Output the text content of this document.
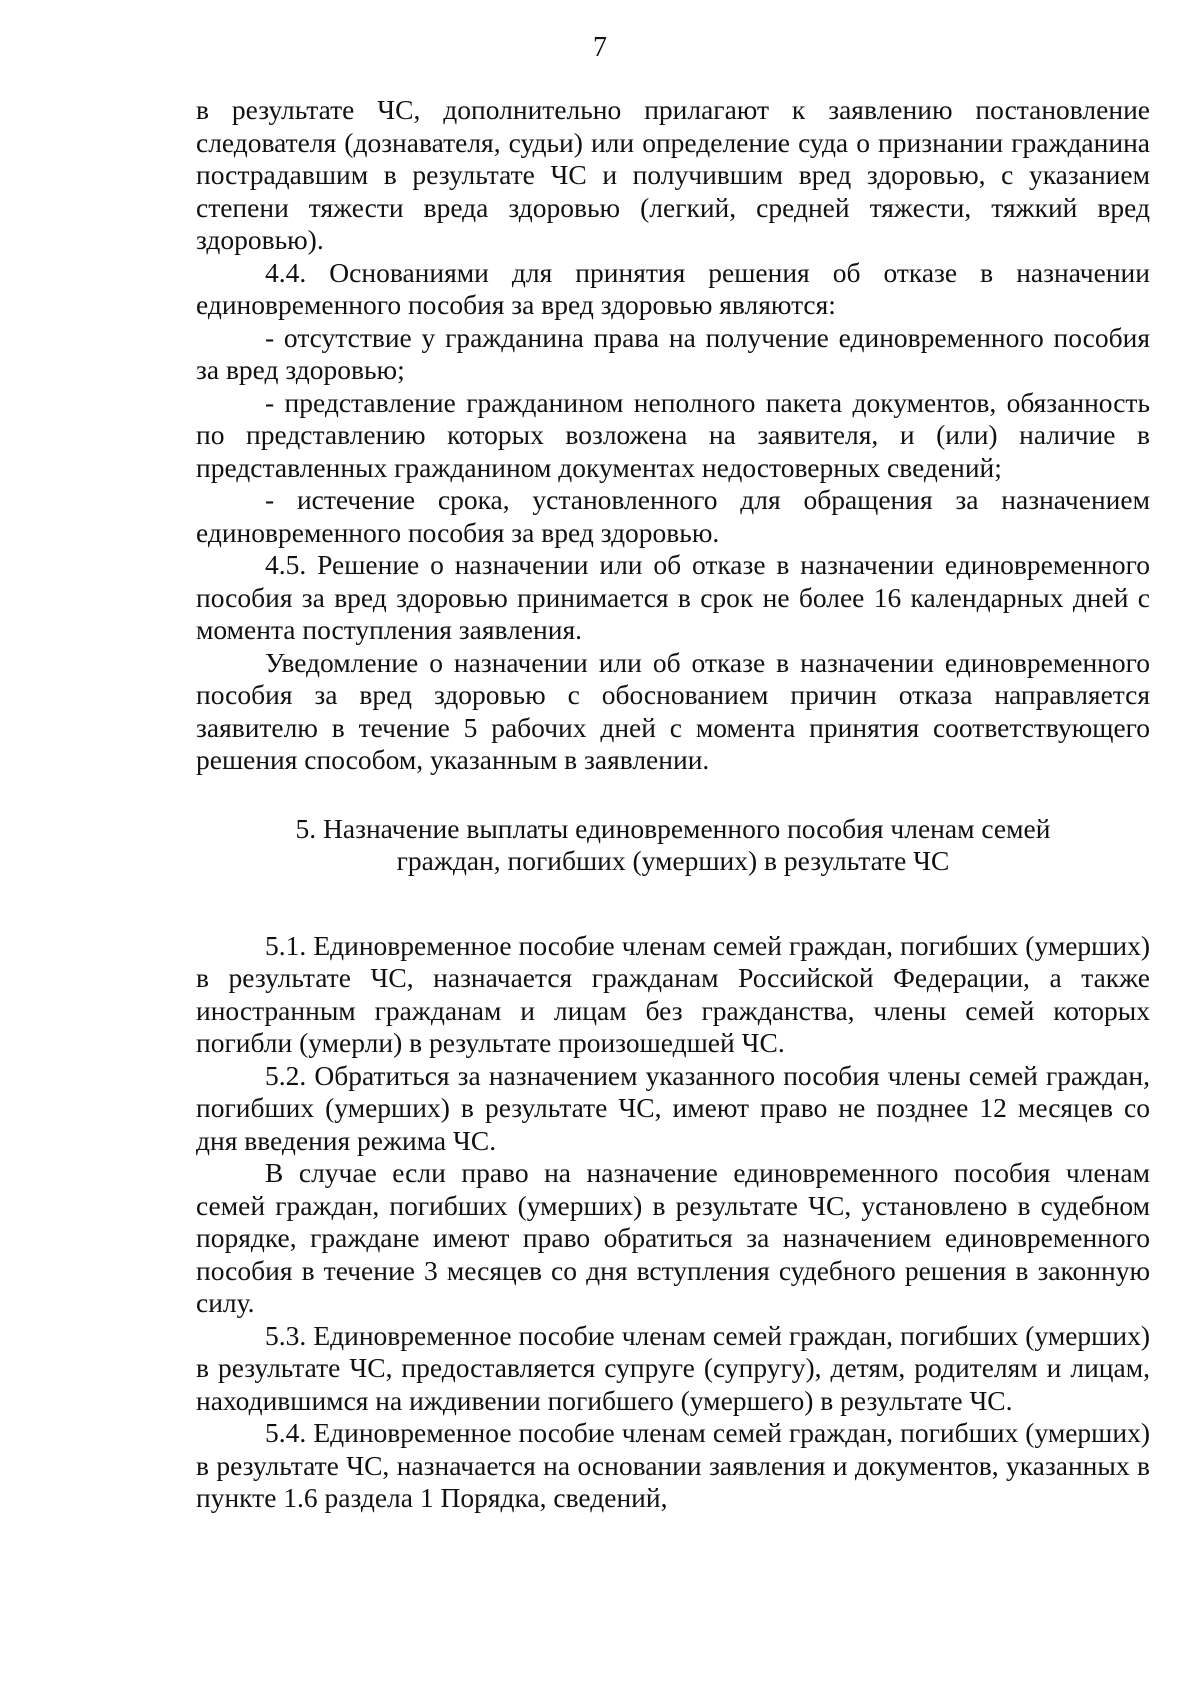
7

в результате ЧС, дополнительно прилагают к заявлению постановление следователя (дознавателя, судьи) или определение суда о признании гражданина пострадавшим в результате ЧС и получившим вред здоровью, с указанием степени тяжести вреда здоровью (легкий, средней тяжести, тяжкий вред здоровью).

4.4. Основаниями для принятия решения об отказе в назначении единовременного пособия за вред здоровью являются:

- отсутствие у гражданина права на получение единовременного пособия за вред здоровью;

- представление гражданином неполного пакета документов, обязанность по представлению которых возложена на заявителя, и (или) наличие в представленных гражданином документах недостоверных сведений;

- истечение срока, установленного для обращения за назначением единовременного пособия за вред здоровью.

4.5. Решение о назначении или об отказе в назначении единовременного пособия за вред здоровью принимается в срок не более 16 календарных дней с момента поступления заявления.

Уведомление о назначении или об отказе в назначении единовременного пособия за вред здоровью с обоснованием причин отказа направляется заявителю в течение 5 рабочих дней с момента принятия соответствующего решения способом, указанным в заявлении.

5. Назначение выплаты единовременного пособия членам семей
граждан, погибших (умерших) в результате ЧС

5.1. Единовременное пособие членам семей граждан, погибших (умерших) в результате ЧС, назначается гражданам Российской Федерации, а также иностранным гражданам и лицам без гражданства, члены семей которых погибли (умерли) в результате произошедшей ЧС.

5.2. Обратиться за назначением указанного пособия члены семей граждан, погибших (умерших) в результате ЧС, имеют право не позднее 12 месяцев со дня введения режима ЧС.

В случае если право на назначение единовременного пособия членам семей граждан, погибших (умерших) в результате ЧС, установлено в судебном порядке, граждане имеют право обратиться за назначением единовременного пособия в течение 3 месяцев со дня вступления судебного решения в законную силу.

5.3. Единовременное пособие членам семей граждан, погибших (умерших) в результате ЧС, предоставляется супруге (супругу), детям, родителям и лицам, находившимся на иждивении погибшего (умершего) в результате ЧС.

5.4. Единовременное пособие членам семей граждан, погибших (умерших) в результате ЧС, назначается на основании заявления и документов, указанных в пункте 1.6 раздела 1 Порядка, сведений,
